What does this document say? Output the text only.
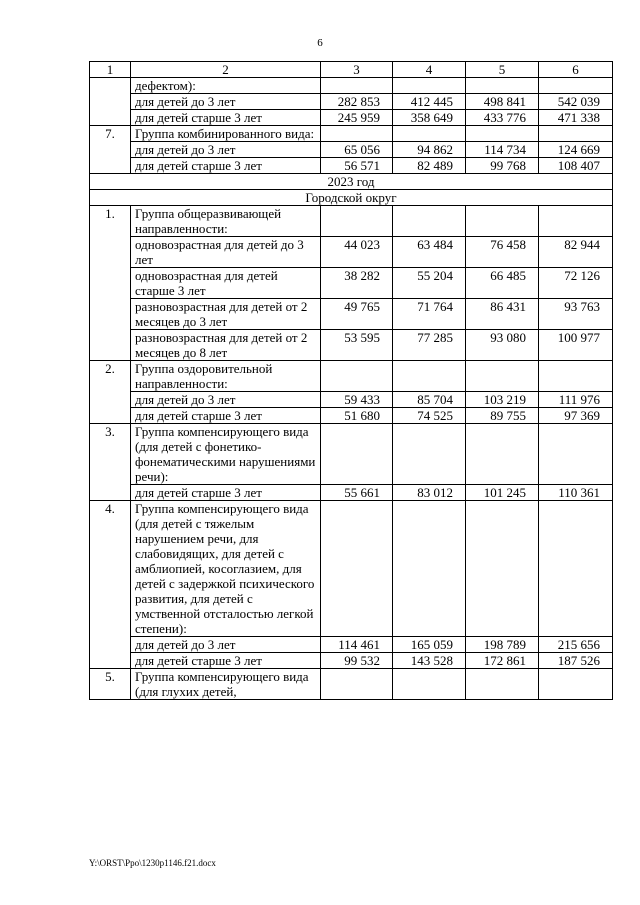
6
1	2	3	4	5	6
	дефектом):				
	для детей до 3 лет	282 853	412 445	498 841	542 039
	для детей старше 3 лет	245 959	358 649	433 776	471 338
7.	Группа комбинированного вида:				
	для детей до 3 лет	65 056	94 862	114 734	124 669
	для детей старше 3 лет	56 571	82 489	99 768	108 407
2023 год					
Городской округ					
1.	Группа общеразвивающей направленности:				
	одновозрастная для детей до 3 лет	44 023	63 484	76 458	82 944
	одновозрастная для детей старше 3 лет	38 282	55 204	66 485	72 126
	разновозрастная для детей от 2 месяцев до 3 лет	49 765	71 764	86 431	93 763
	разновозрастная для детей от 2 месяцев до 8 лет	53 595	77 285	93 080	100 977
2.	Группа оздоровительной направленности:				
	для детей до 3 лет	59 433	85 704	103 219	111 976
	для детей старше 3 лет	51 680	74 525	89 755	97 369
3.	Группа компенсирующего вида (для детей с фонетико-фонематическими нарушениями речи):				
	для детей старше 3 лет	55 661	83 012	101 245	110 361
4.	Группа компенсирующего вида (для детей с тяжелым нарушением речи, для слабовидящих, для детей с амблиопией, косоглазием, для детей с задержкой психического развития, для детей с умственной отсталостью легкой степени):				
	для детей до 3 лет	114 461	165 059	198 789	215 656
	для детей старше 3 лет	99 532	143 528	172 861	187 526
5.	Группа компенсирующего вида (для глухих детей,				
Y:\ORST\Ppo\1230p1146.f21.docx
